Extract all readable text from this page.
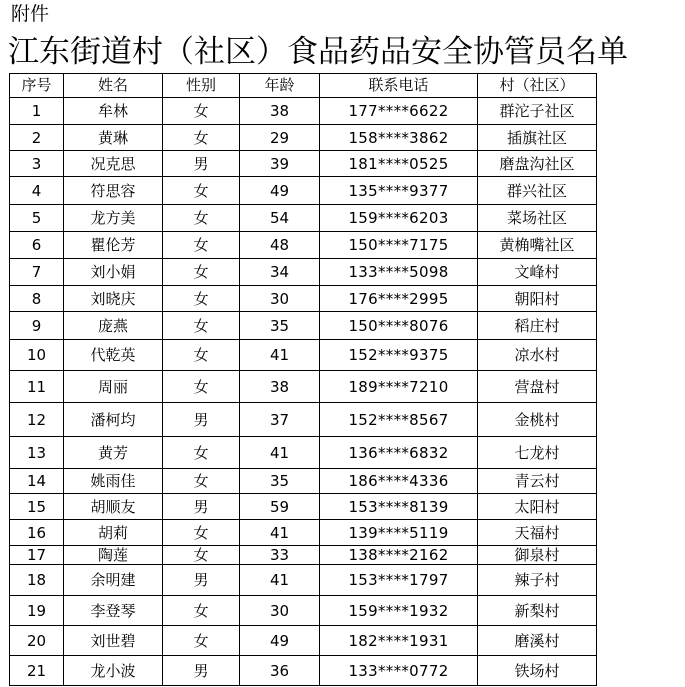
附件
江东街道村（社区）食品药品安全协管员名单
序号	姓名	性别	年龄	联系电话	村（社区）
1	牟林	女	38	177****6622	群沱子社区
2	黄琳	女	29	158****3862	插旗社区
3	况克思	男	39	181****0525	磨盘沟社区
4	符思容	女	49	135****9377	群兴社区
5	龙方美	女	54	159****6203	菜场社区
6	瞿伦芳	女	48	150****7175	黄桷嘴社区
7	刘小娟	女	34	133****5098	文峰村
8	刘晓庆	女	30	176****2995	朝阳村
9	庞燕	女	35	150****8076	稻庄村
10	代乾英	女	41	152****9375	凉水村
11	周丽	女	38	189****7210	营盘村
12	潘柯均	男	37	152****8567	金桃村
13	黄芳	女	41	136****6832	七龙村
14	姚雨佳	女	35	186****4336	青云村
15	胡顺友	男	59	153****8139	太阳村
16	胡莉	女	41	139****5119	天福村
17	陶莲	女	33	138****2162	御泉村
18	余明建	男	41	153****1797	辣子村
19	李登琴	女	30	159****1932	新梨村
20	刘世碧	女	49	182****1931	磨溪村
21	龙小波	男	36	133****0772	铁场村
